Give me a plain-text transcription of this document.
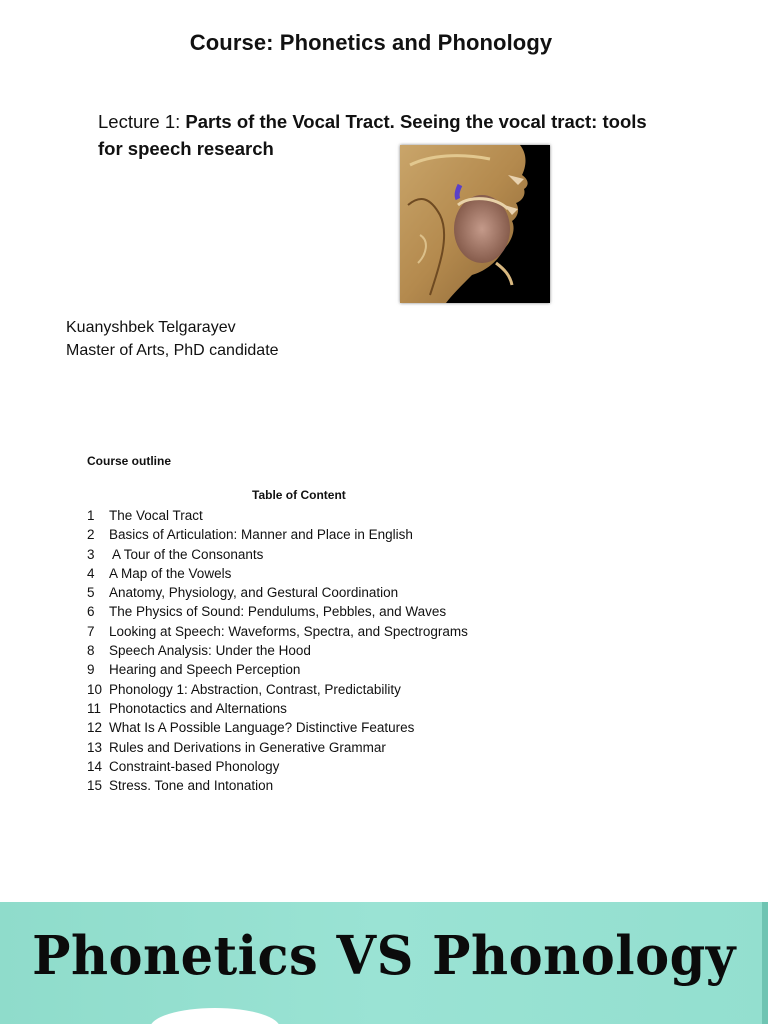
Course: Phonetics and Phonology
Lecture 1: Parts of the Vocal Tract. Seeing the vocal tract: tools for speech research
Kuanyshbek Telgarayev
Master of Arts, PhD candidate
Course outline
Table of Content
1 The Vocal Tract
2 Basics of Articulation: Manner and Place in English
3 A Tour of the Consonants
4 A Map of the Vowels
5 Anatomy, Physiology, and Gestural Coordination
6 The Physics of Sound: Pendulums, Pebbles, and Waves
7 Looking at Speech: Waveforms, Spectra, and Spectrograms
8 Speech Analysis: Under the Hood
9 Hearing and Speech Perception
10 Phonology 1: Abstraction, Contrast, Predictability
11 Phonotactics and Alternations
12 What Is A Possible Language? Distinctive Features
13 Rules and Derivations in Generative Grammar
14 Constraint-based Phonology
15 Stress. Tone and Intonation
Phonetics VS Phonology
